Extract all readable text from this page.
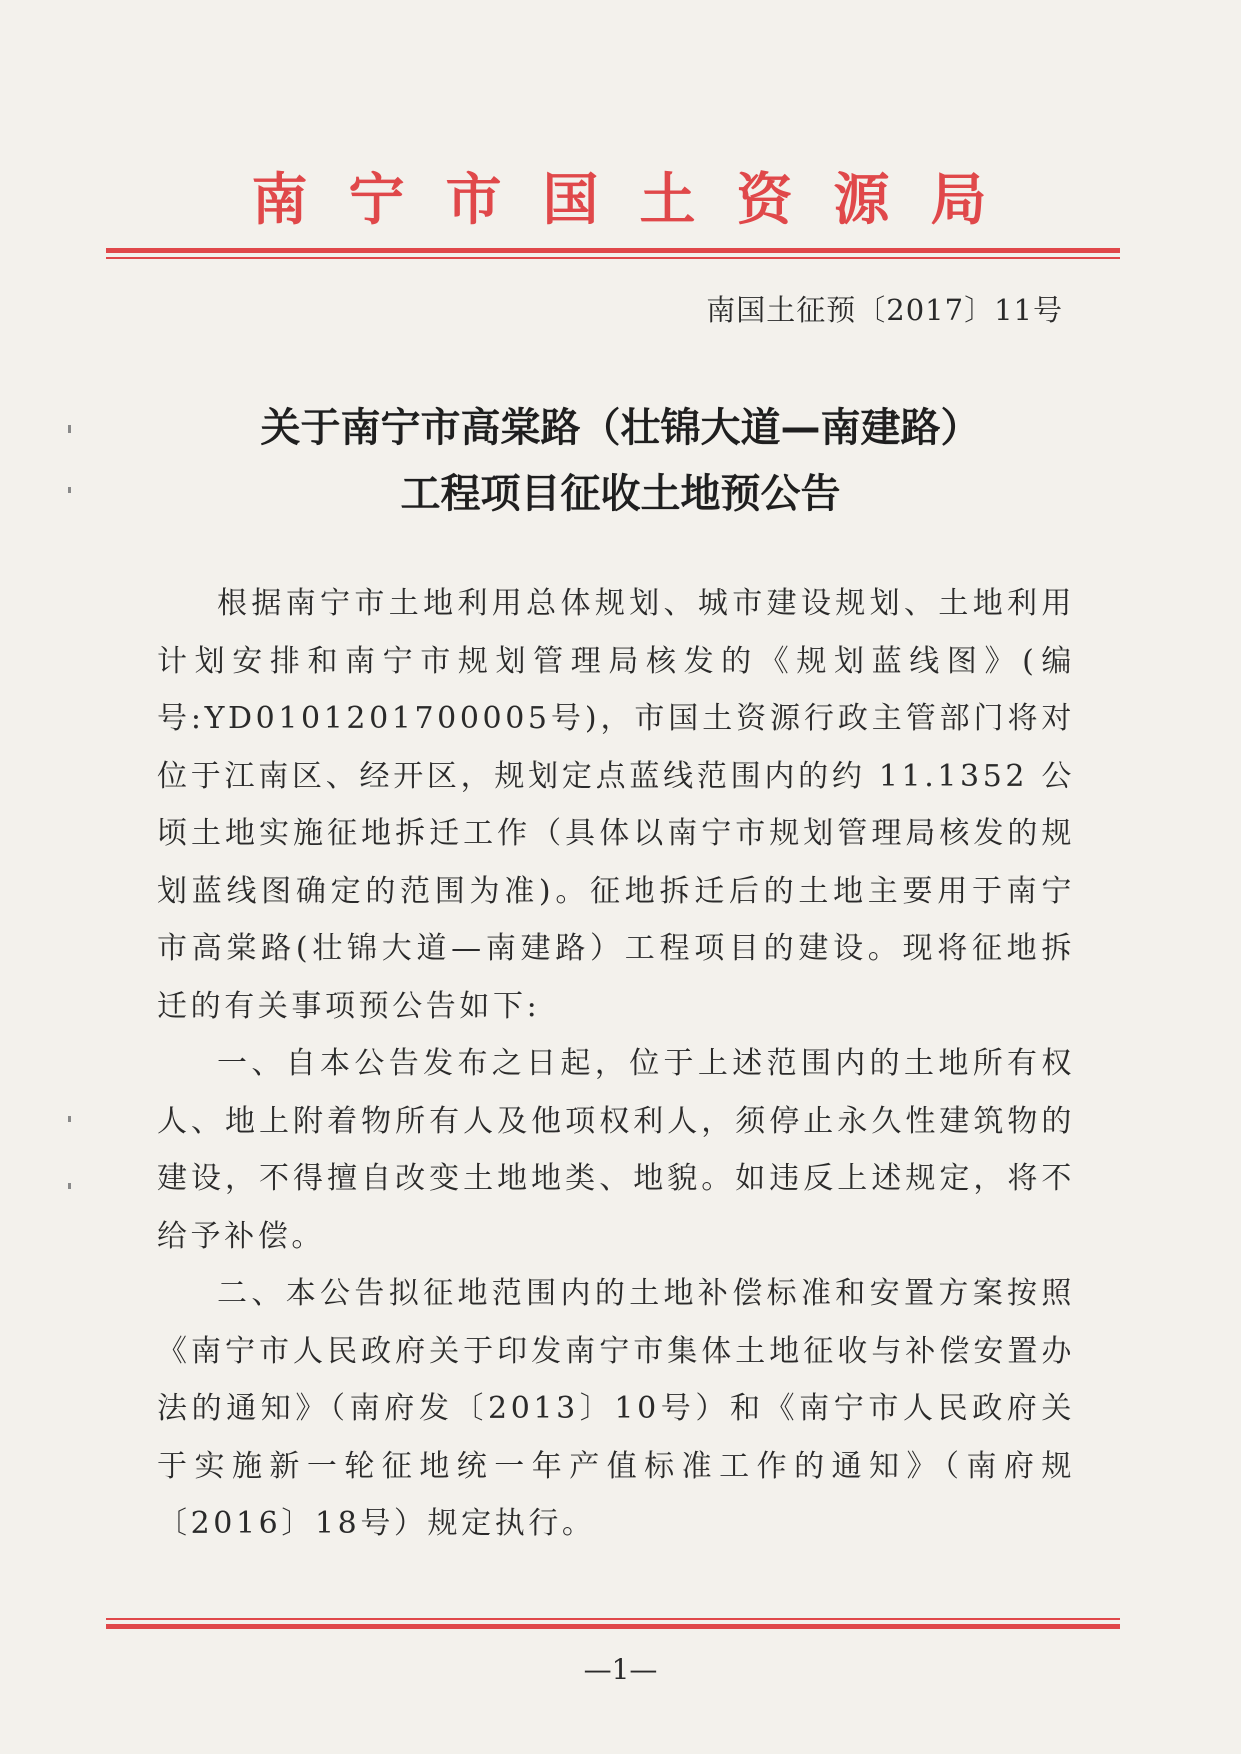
南宁市国土资源局
南国土征预〔2017〕11号
关于南宁市高棠路（壮锦大道—南建路）
工程项目征收土地预公告

根据南宁市土地利用总体规划、城市建设规划、土地利用计划安排和南宁市规划管理局核发的《规划蓝线图》(编号:YD0101201700005号)，市国土资源行政主管部门将对位于江南区、经开区，规划定点蓝线范围内的约 11.1352 公顷土地实施征地拆迁工作（具体以南宁市规划管理局核发的规划蓝线图确定的范围为准)。征地拆迁后的土地主要用于南宁市高棠路(壮锦大道—南建路）工程项目的建设。现将征地拆迁的有关事项预公告如下:

一、自本公告发布之日起，位于上述范围内的土地所有权人、地上附着物所有人及他项权利人，须停止永久性建筑物的建设，不得擅自改变土地地类、地貌。如违反上述规定，将不给予补偿。

二、本公告拟征地范围内的土地补偿标准和安置方案按照《南宁市人民政府关于印发南宁市集体土地征收与补偿安置办法的通知》（南府发〔2013〕10号）和《南宁市人民政府关于实施新一轮征地统一年产值标准工作的通知》（南府规〔2016〕18号）规定执行。

—1—
